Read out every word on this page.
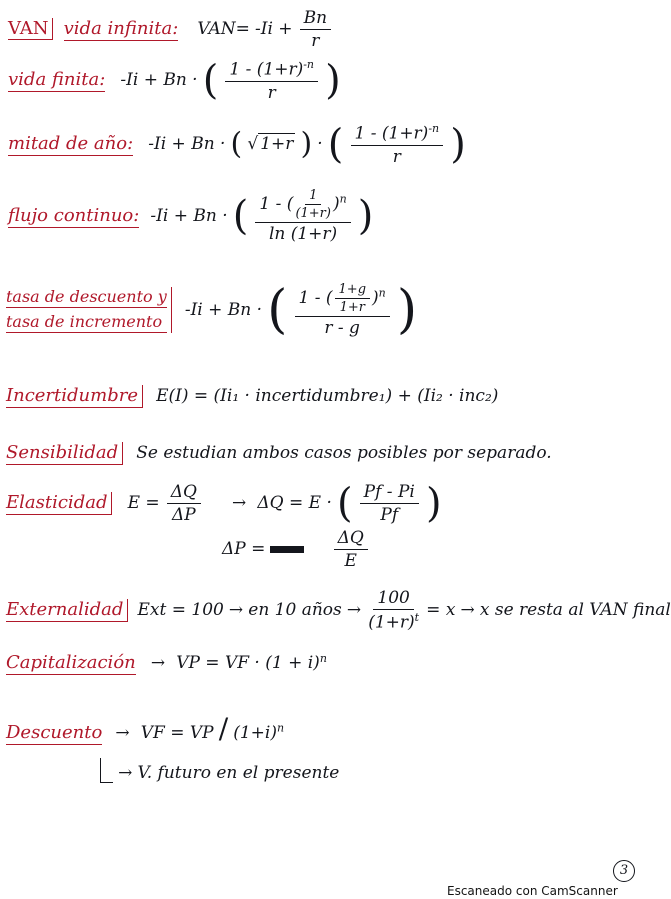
VAN vida infinita: $VAN= -Ii + \frac{Bn}{r}$
vida finita: -Ii + Bn · ( $\frac{1 - (1+r)^{-n}}{r}$ )
mitad de año: -Ii + Bn · ( √ 1+r ) · ( $\frac{1 - (1+r)^{-n}}{r}$ )
flujo continuo: -Ii + Bn · ( $\frac{1 - ( \frac{1}{(1+r)} )^n}{\ln (1+r)}$ )
tasa de descuento y
tasa de incremento
-Ii + Bn · ( $\frac{1 - ( \frac{1+g}{1+r} )^n}{r - g}$ )
Incertidumbre E(I) = (Ii₁ · incertidumbre₁) + (Ii₂ · inc₂)
Sensibilidad Se estudian ambos casos posibles por separado.
Elasticidad $E = \frac{\Delta Q}{\Delta P} \to \Delta Q = E$ · ( $\frac{Pf - Pi}{Pf}$ )
ΔP =	$\frac{\Delta Q}{E}$
Externalidad Ext = 100 → en 10 años → $\frac{100}{(1+r)^t} = x \to x$ se resta al VAN final
Capitalización → VP = VF · $(1 + i)^n$
Descuento → VF = VP / $(1+i)^n$
→ V. futuro en el presente
3
Escaneado con CamScanner
